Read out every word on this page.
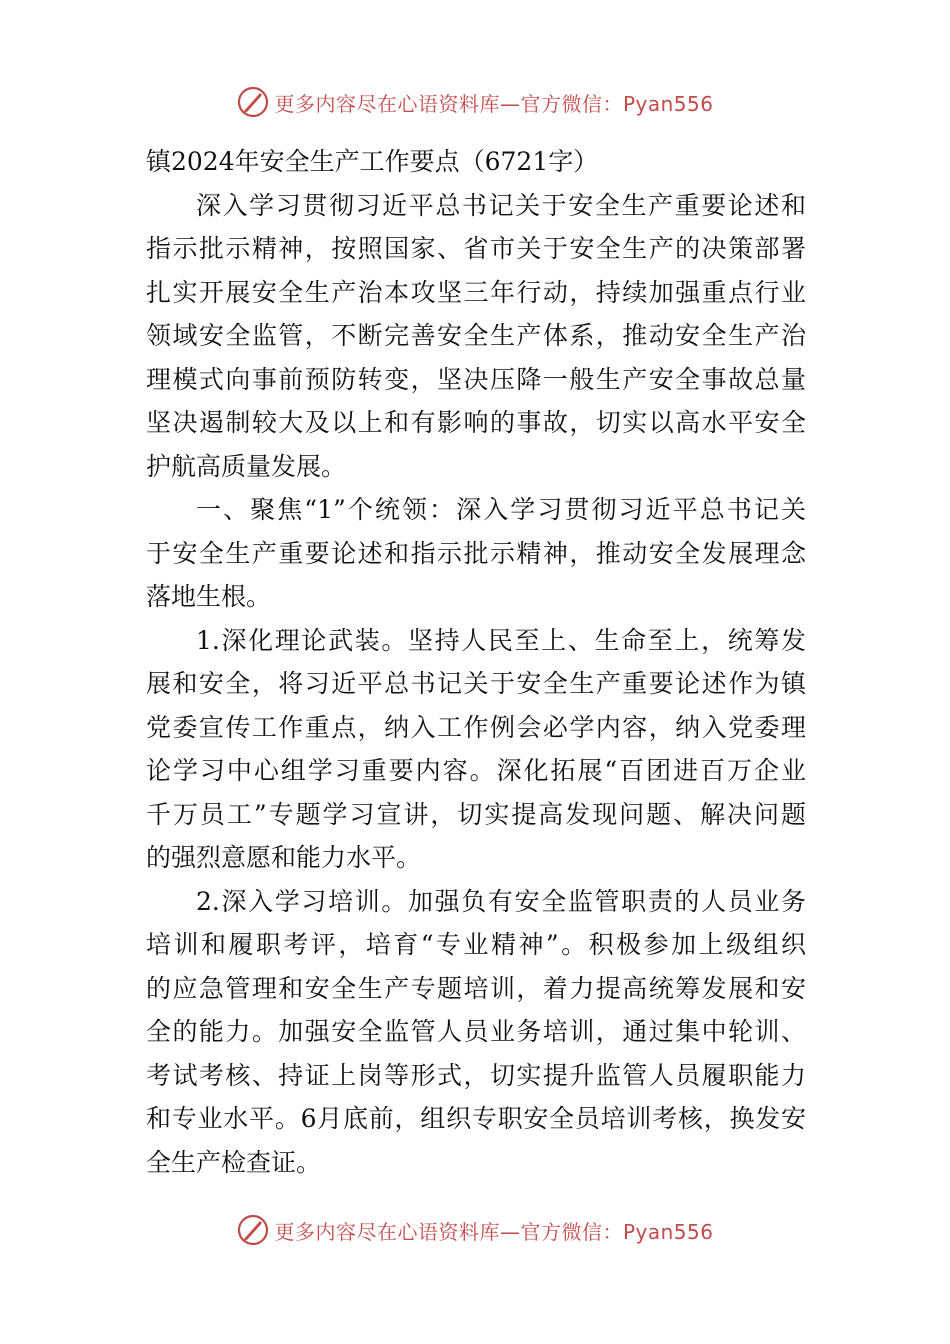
更多内容尽在心语资料库—官方微信：Pyan556
镇2024年安全生产工作要点（6721字）
深入学习贯彻习近平总书记关于安全生产重要论述和
指示批示精神，按照国家、省市关于安全生产的决策部署
扎实开展安全生产治本攻坚三年行动，持续加强重点行业
领域安全监管，不断完善安全生产体系，推动安全生产治
理模式向事前预防转变，坚决压降一般生产安全事故总量
坚决遏制较大及以上和有影响的事故，切实以高水平安全
护航高质量发展。
一、聚焦“1”个统领：深入学习贯彻习近平总书记关
于安全生产重要论述和指示批示精神，推动安全发展理念
落地生根。
1.深化理论武装。坚持人民至上、生命至上，统筹发
展和安全，将习近平总书记关于安全生产重要论述作为镇
党委宣传工作重点，纳入工作例会必学内容，纳入党委理
论学习中心组学习重要内容。深化拓展“百团进百万企业
千万员工”专题学习宣讲，切实提高发现问题、解决问题
的强烈意愿和能力水平。
2.深入学习培训。加强负有安全监管职责的人员业务
培训和履职考评，培育“专业精神”。积极参加上级组织
的应急管理和安全生产专题培训，着力提高统筹发展和安
全的能力。加强安全监管人员业务培训，通过集中轮训、
考试考核、持证上岗等形式，切实提升监管人员履职能力
和专业水平。6月底前，组织专职安全员培训考核，换发安
全生产检查证。
更多内容尽在心语资料库—官方微信：Pyan556
